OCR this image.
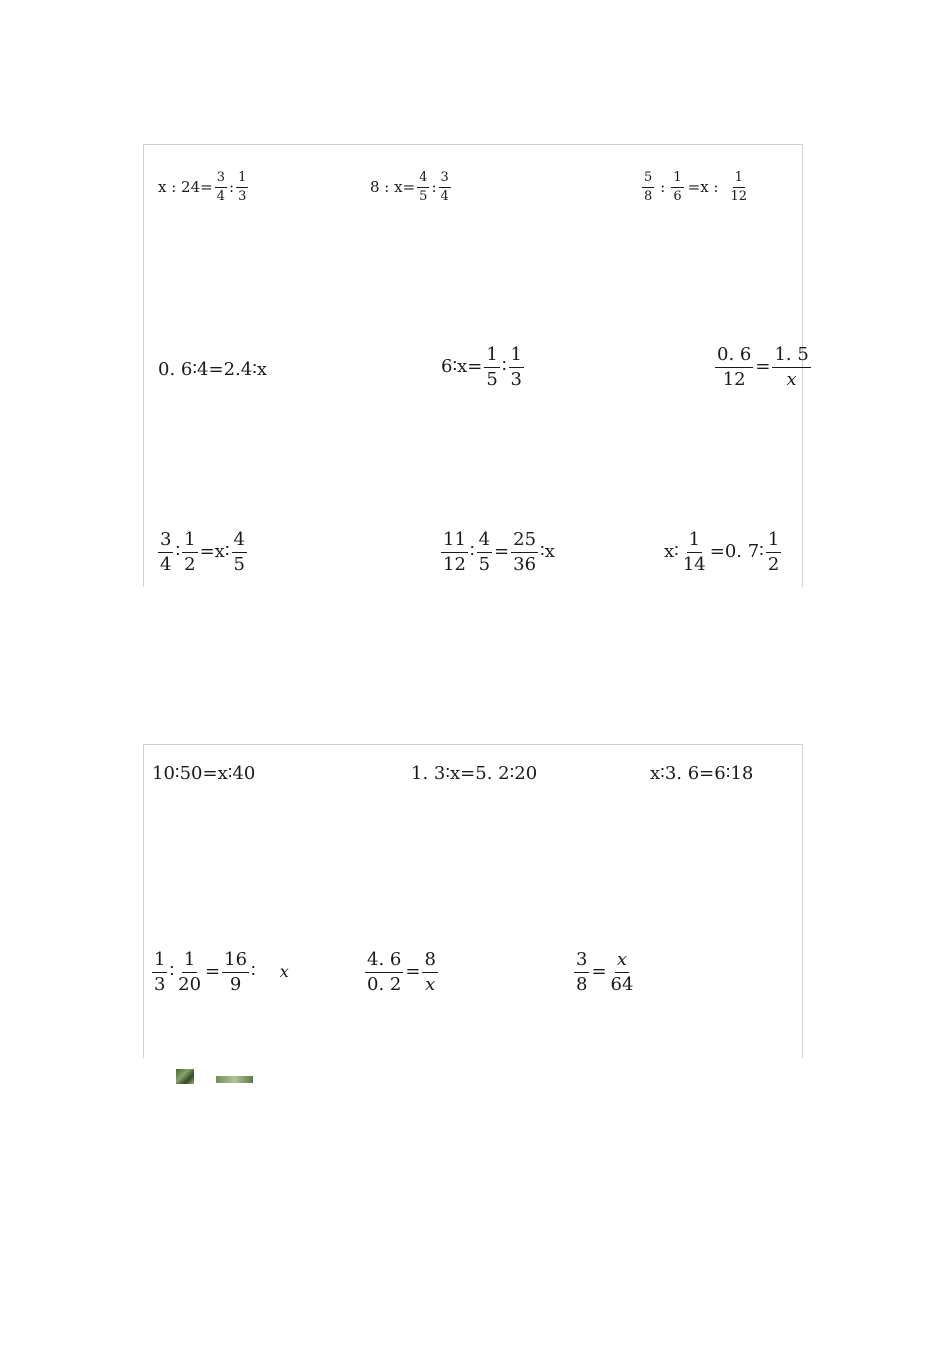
x : $24= \frac{3}{4}$ : $\frac{1}{3}$	8 : $x= \frac{4}{5}$ : $\frac{3}{4}$	$\frac{5}{8}$ : $\frac{1}{6} =x$ : $\frac{1}{12}$
0. 6∶4=2.4∶x	6∶x= $\frac{1}{5}$ ∶ $\frac{1}{3}$	$\frac{0. 6}{12} = \frac{1. 5}{x}$
$\frac{3}{4}$ ∶ $\frac{1}{2}$ =x∶ $\frac{4}{5}$	$\frac{11}{12}$ ∶ $\frac{4}{5} = \frac{25}{36}$ ∶x	x∶ $\frac{1}{14} =0$. 7∶ $\frac{1}{2}$
10∶50=x∶40	1. 3∶x=5. 2∶20	x∶3. 6=6∶18
$\frac{1}{3}$ ∶ $\frac{1}{20} = \frac{16}{9}$ ∶ x	$\frac{4. 6}{0. 2} = \frac{8}{x}$	$\frac{3}{8} = \frac{x}{64}$
